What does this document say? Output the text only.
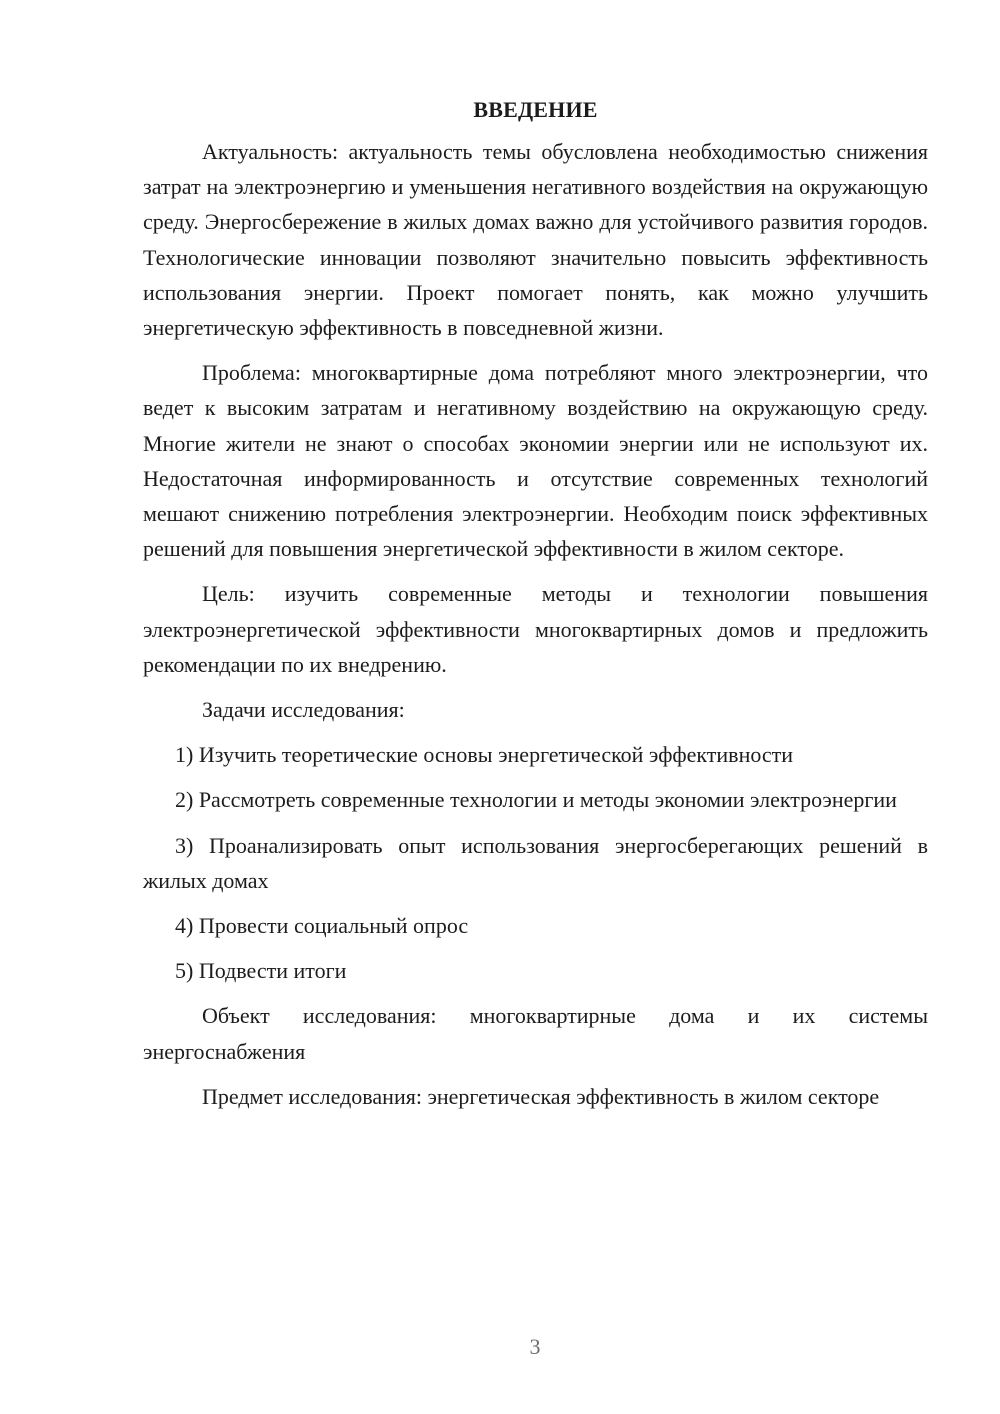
ВВЕДЕНИЕ

Актуальность: актуальность темы обусловлена необходимостью снижения затрат на электроэнергию и уменьшения негативного воздействия на окружающую среду. Энергосбережение в жилых домах важно для устойчивого развития городов. Технологические инновации позволяют значительно повысить эффективность использования энергии. Проект помогает понять, как можно улучшить энергетическую эффективность в повседневной жизни.

Проблема: многоквартирные дома потребляют много электроэнергии, что ведет к высоким затратам и негативному воздействию на окружающую среду. Многие жители не знают о способах экономии энергии или не используют их. Недостаточная информированность и отсутствие современных технологий мешают снижению потребления электроэнергии. Необходим поиск эффективных решений для повышения энергетической эффективности в жилом секторе.

Цель: изучить современные методы и технологии повышения электроэнергетической эффективности многоквартирных домов и предложить рекомендации по их внедрению.

Задачи исследования:

1) Изучить теоретические основы энергетической эффективности

2) Рассмотреть современные технологии и методы экономии электроэнергии

3) Проанализировать опыт использования энергосберегающих решений в жилых домах

4) Провести социальный опрос

5) Подвести итоги

Объект исследования: многоквартирные дома и их системы энергоснабжения

Предмет исследования: энергетическая эффективность в жилом секторе

3
